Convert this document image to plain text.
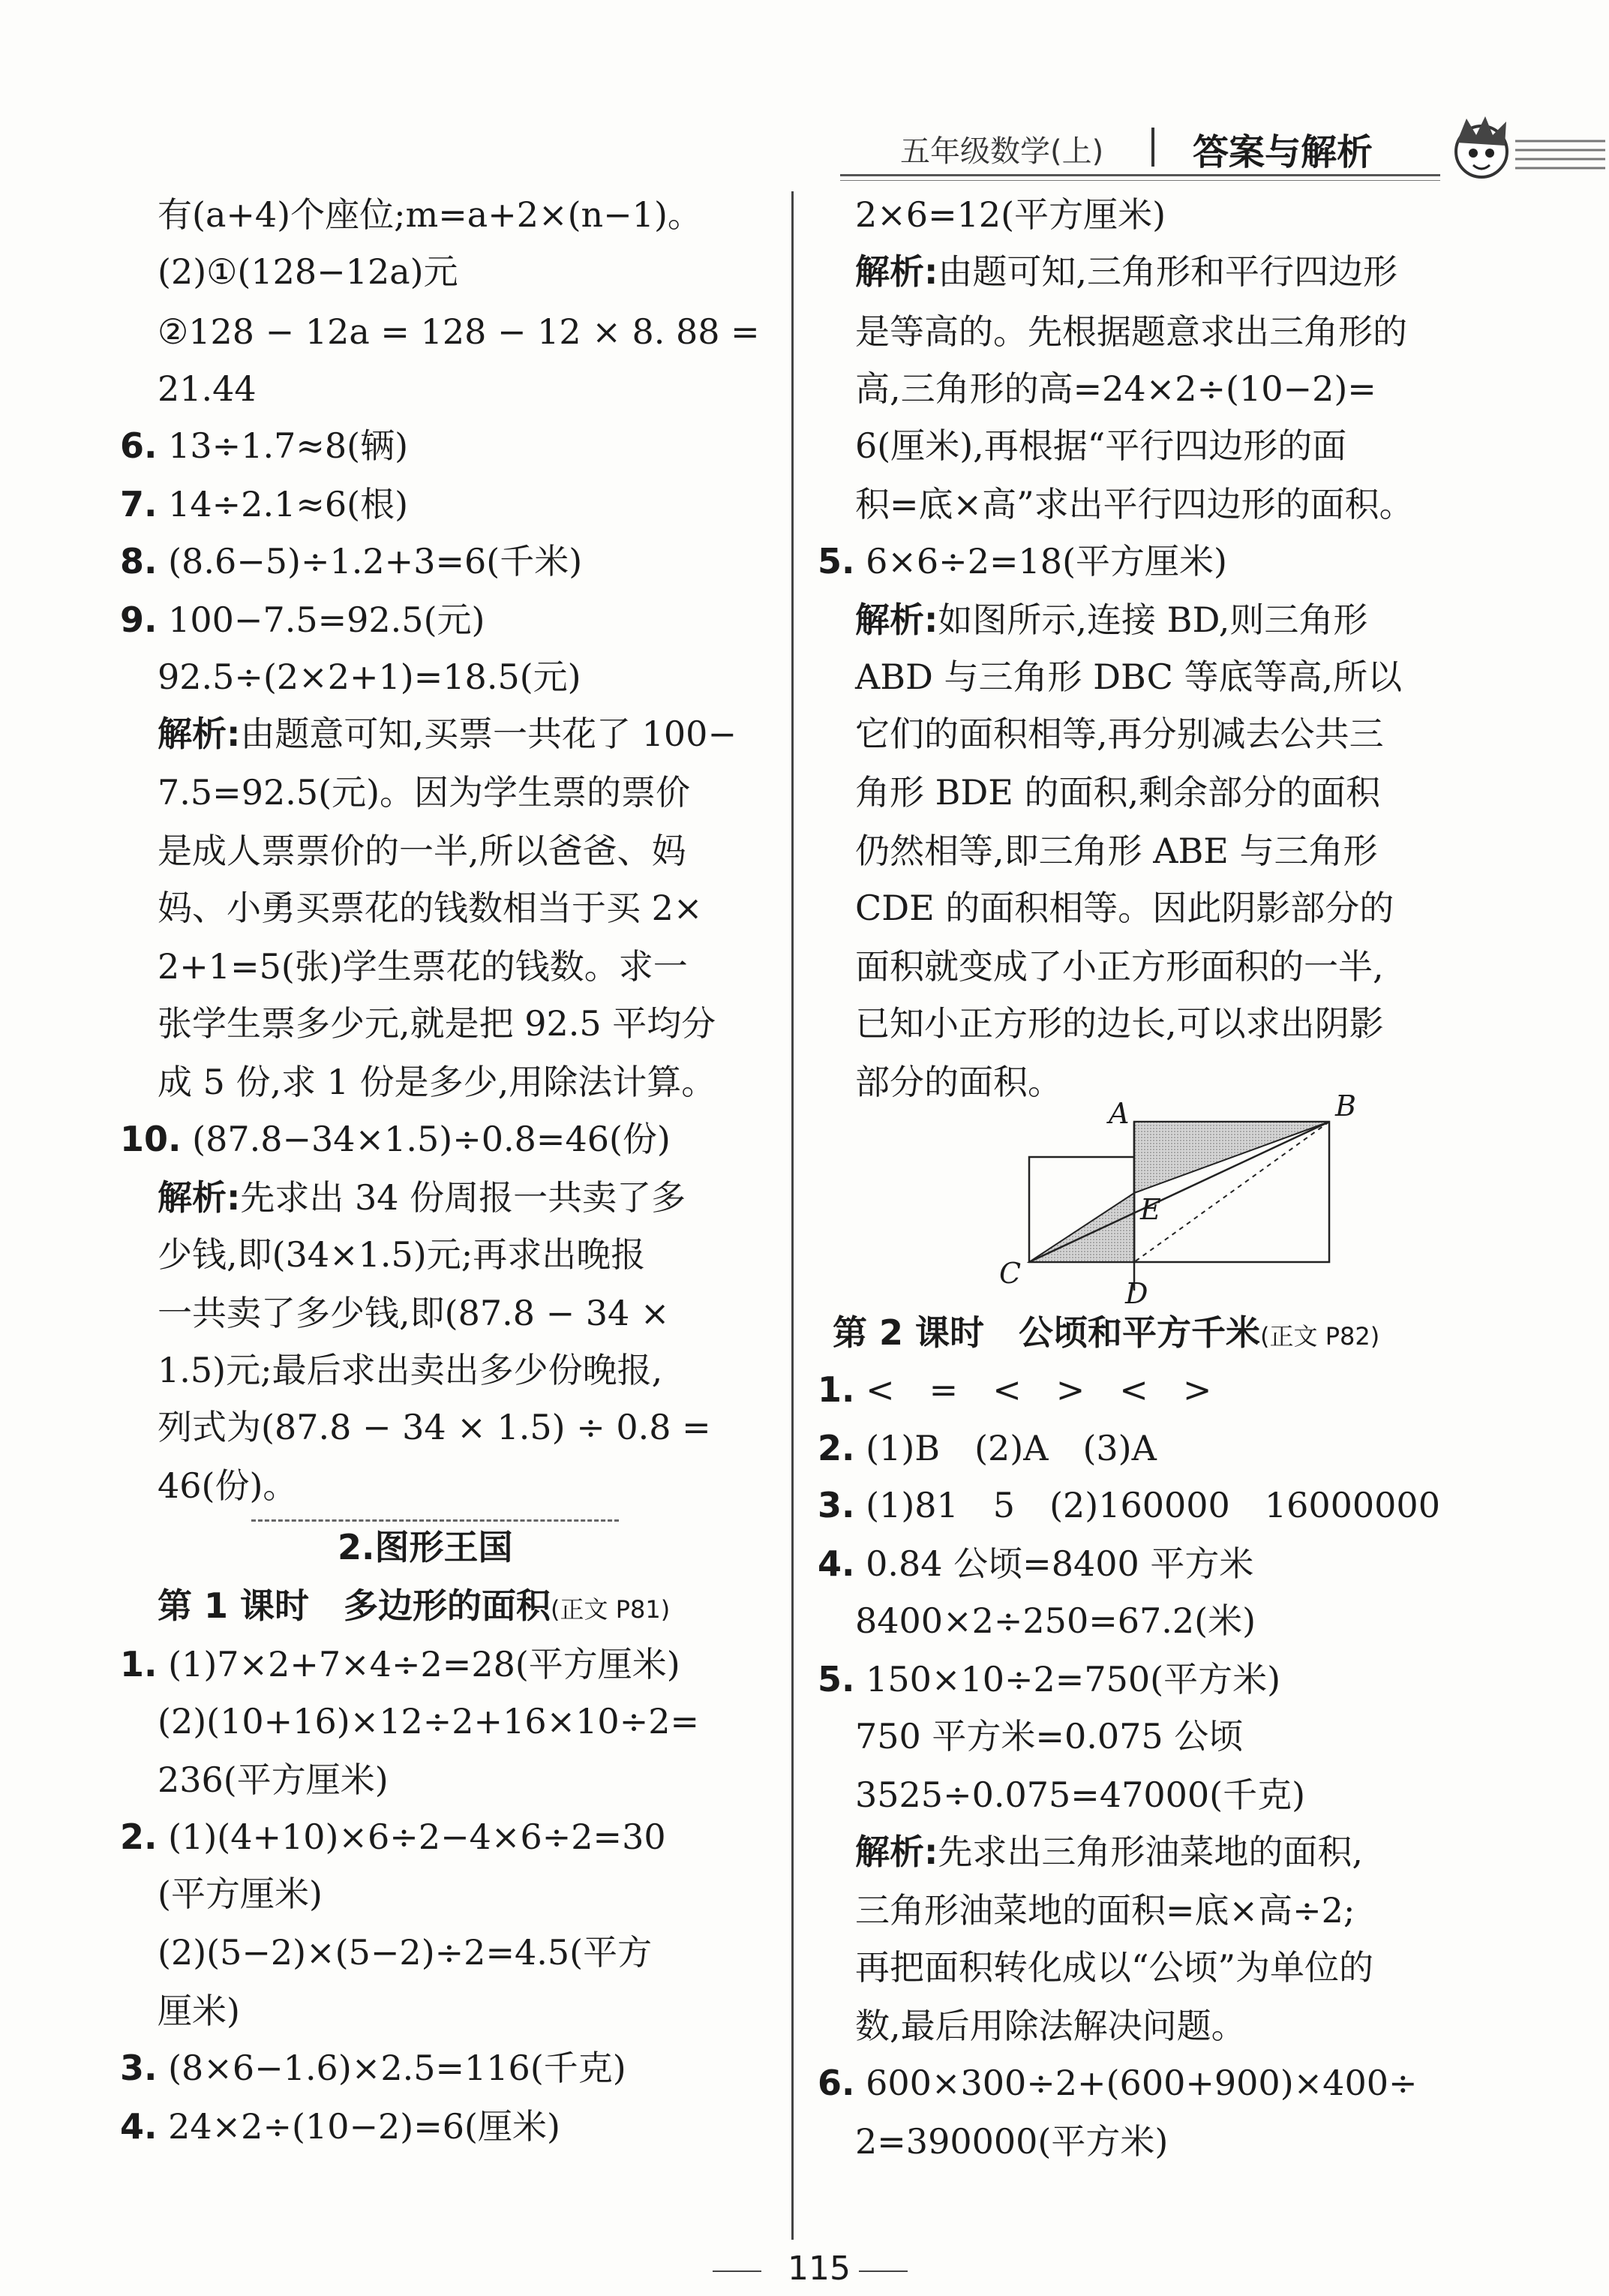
五年级数学(上) 答案与解析
有(a+4)个座位;m=a+2×(n−1)。
(2)①(128−12a)元
②128 − 12a = 128 − 12 × 8. 88 =
21.44
6. 13÷1.7≈8(辆)
7. 14÷2.1≈6(根)
8. (8.6−5)÷1.2+3=6(千米)
9. 100−7.5=92.5(元)
92.5÷(2×2+1)=18.5(元)
解析:由题意可知,买票一共花了 100−
7.5=92.5(元)。因为学生票的票价
是成人票票价的一半,所以爸爸、妈
妈、小勇买票花的钱数相当于买 2×
2+1=5(张)学生票花的钱数。求一
张学生票多少元,就是把 92.5 平均分
成 5 份,求 1 份是多少,用除法计算。
10. (87.8−34×1.5)÷0.8=46(份)
解析:先求出 34 份周报一共卖了多
少钱,即(34×1.5)元;再求出晚报
一共卖了多少钱,即(87.8 − 34 ×
1.5)元;最后求出卖出多少份晚报,
列式为(87.8 − 34 × 1.5) ÷ 0.8 =
46(份)。
2.图形王国
第 1 课时　多边形的面积(正文 P81)
1. (1)7×2+7×4÷2=28(平方厘米)
(2)(10+16)×12÷2+16×10÷2=
236(平方厘米)
2. (1)(4+10)×6÷2−4×6÷2=30
(平方厘米)
(2)(5−2)×(5−2)÷2=4.5(平方
厘米)
3. (8×6−1.6)×2.5=116(千克)
4. 24×2÷(10−2)=6(厘米)
2×6=12(平方厘米)
解析:由题可知,三角形和平行四边形
是等高的。先根据题意求出三角形的
高,三角形的高=24×2÷(10−2)=
6(厘米),再根据“平行四边形的面
积=底×高”求出平行四边形的面积。
5. 6×6÷2=18(平方厘米)
解析:如图所示,连接 BD,则三角形
ABD 与三角形 DBC 等底等高,所以
它们的面积相等,再分别减去公共三
角形 BDE 的面积,剩余部分的面积
仍然相等,即三角形 ABE 与三角形
CDE 的面积相等。因此阴影部分的
面积就变成了小正方形面积的一半,
已知小正方形的边长,可以求出阴影
部分的面积。
第 2 课时　公顷和平方千米(正文 P82)
1. <　=　<　>　<　>
2. (1)B　(2)A　(3)A
3. (1)81　5　(2)160000　16000000
4. 0.84 公顷=8400 平方米
8400×2÷250=67.2(米)
5. 150×10÷2=750(平方米)
750 平方米=0.075 公顷
3525÷0.075=47000(千克)
解析:先求出三角形油菜地的面积,
三角形油菜地的面积=底×高÷2;
再把面积转化成以“公顷”为单位的
数,最后用除法解决问题。
6. 600×300÷2+(600+900)×400÷
2=390000(平方米)
A	B
C
D
E
115
